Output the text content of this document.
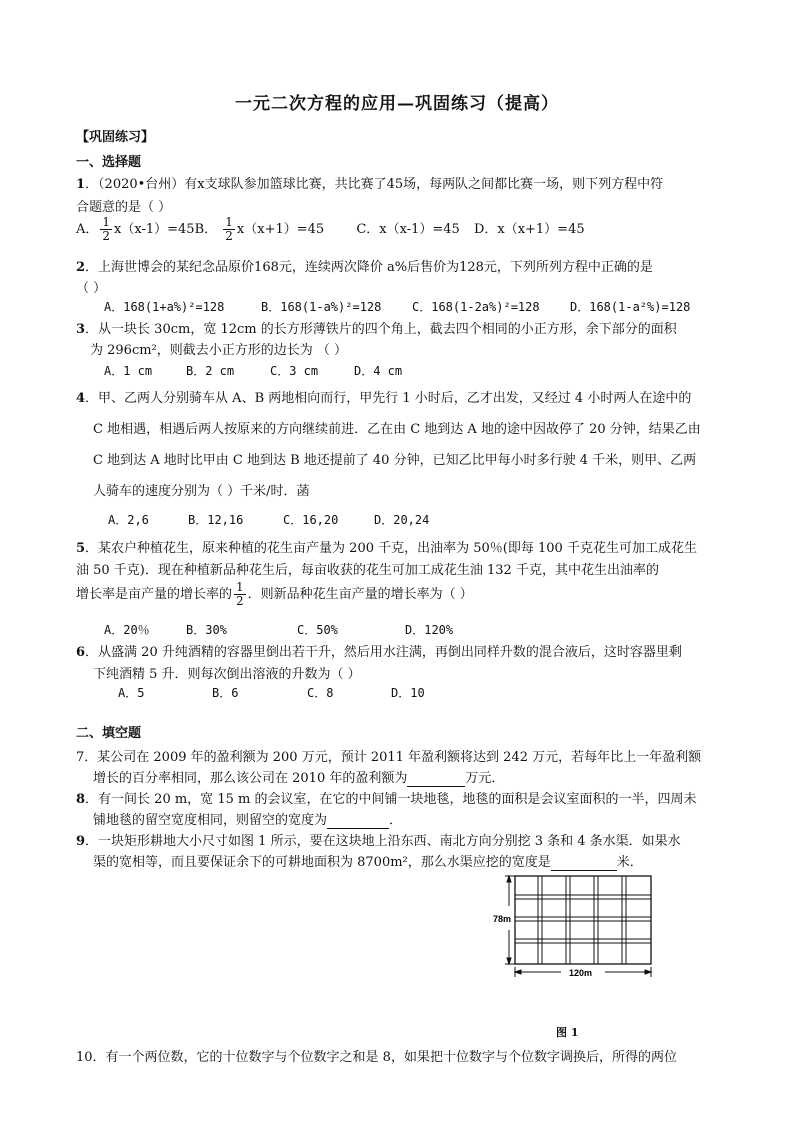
一元二次方程的应用—巩固练习（提高）
【巩固练习】
一、选择题
1．（2020•台州）有x支球队参加篮球比赛，共比赛了45场，每两队之间都比赛一场，则下列方程中符
合题意的是（ ）
A． $\frac{1}{2} x(x-1)=45B$． $\frac{1}{2} x(x+1)=45$ C．x（x-1）=45 D．x（x+1）=45
2．上海世博会的某纪念品原价168元，连续两次降价 a%后售价为128元，下列所列方程中正确的是
（ ）
A．168(1+a%)²=128	B．168(1-a%)²=128	C．168(1-2a%)²=128	D．168(1-a²%)=128
3．从一块长 30cm，宽 12cm 的长方形薄铁片的四个角上，截去四个相同的小正方形，余下部分的面积
为 296cm²，则截去小正方形的边长为 （ ）
A．1 cm	B．2 cm	C．3 cm	D．4 cm
4．甲、乙两人分别骑车从 A、B 两地相向而行，甲先行 1 小时后，乙才出发，又经过 4 小时两人在途中的
C 地相遇，相遇后两人按原来的方向继续前进．乙在由 C 地到达 A 地的途中因故停了 20 分钟，结果乙由
C 地到达 A 地时比甲由 C 地到达 B 地还提前了 40 分钟，已知乙比甲每小时多行驶 4 千米，则甲、乙两
人骑车的速度分别为（ ）千米/时．菡
A．2,6	B．12,16	C．16,20	D．20,24
5．某农户种植花生，原来种植的花生亩产量为 200 千克，出油率为 50％(即每 100 千克花生可加工成花生
油 50 千克)．现在种植新品种花生后，每亩收获的花生可加工成花生油 132 千克，其中花生出油率的
增长率是亩产量的增长率的 $\frac{1}{2}$ ．则新品种花生亩产量的增长率为（ ）
A．20％	B．30%	C．50%	D．120%
6．从盛满 20 升纯酒精的容器里倒出若干升，然后用水注满，再倒出同样升数的混合液后，这时容器里剩
下纯酒精 5 升．则每次倒出溶液的升数为（ ）
A．5	B．6	C．8	D．10
二、填空题
7．某公司在 2009 年的盈利额为 200 万元，预计 2011 年盈利额将达到 242 万元，若每年比上一年盈利额
增长的百分率相同，那么该公司在 2010 年的盈利额为	万元．
8．有一间长 20 m，宽 15 m 的会议室，在它的中间铺一块地毯，地毯的面积是会议室面积的一半，四周未
铺地毯的留空宽度相同，则留空的宽度为	．
9．一块矩形耕地大小尺寸如图 1 所示，要在这块地上沿东西、南北方向分别挖 3 条和 4 条水渠．如果水
渠的宽相等，而且要保证余下的可耕地面积为 8700m²，那么水渠应挖的宽度是	米．
78m
120m
图 1
10．有一个两位数，它的十位数字与个位数字之和是 8，如果把十位数字与个位数字调换后，所得的两位
